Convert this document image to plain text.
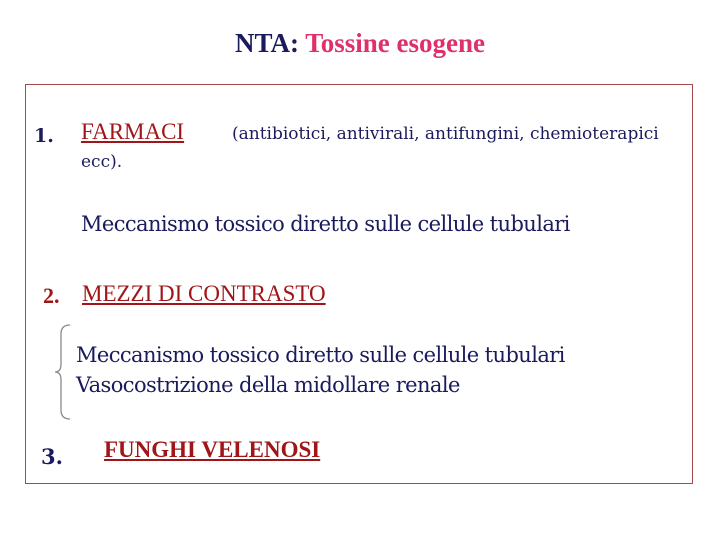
NTA: Tossine esogene
1. FARMACI	(antibiotici, antivirali, antifungini, chemioterapici
ecc).
Meccanismo tossico diretto sulle cellule tubulari
2. MEZZI DI CONTRASTO
Meccanismo tossico diretto sulle cellule tubulari
Vasocostrizione della midollare renale
3. FUNGHI VELENOSI
